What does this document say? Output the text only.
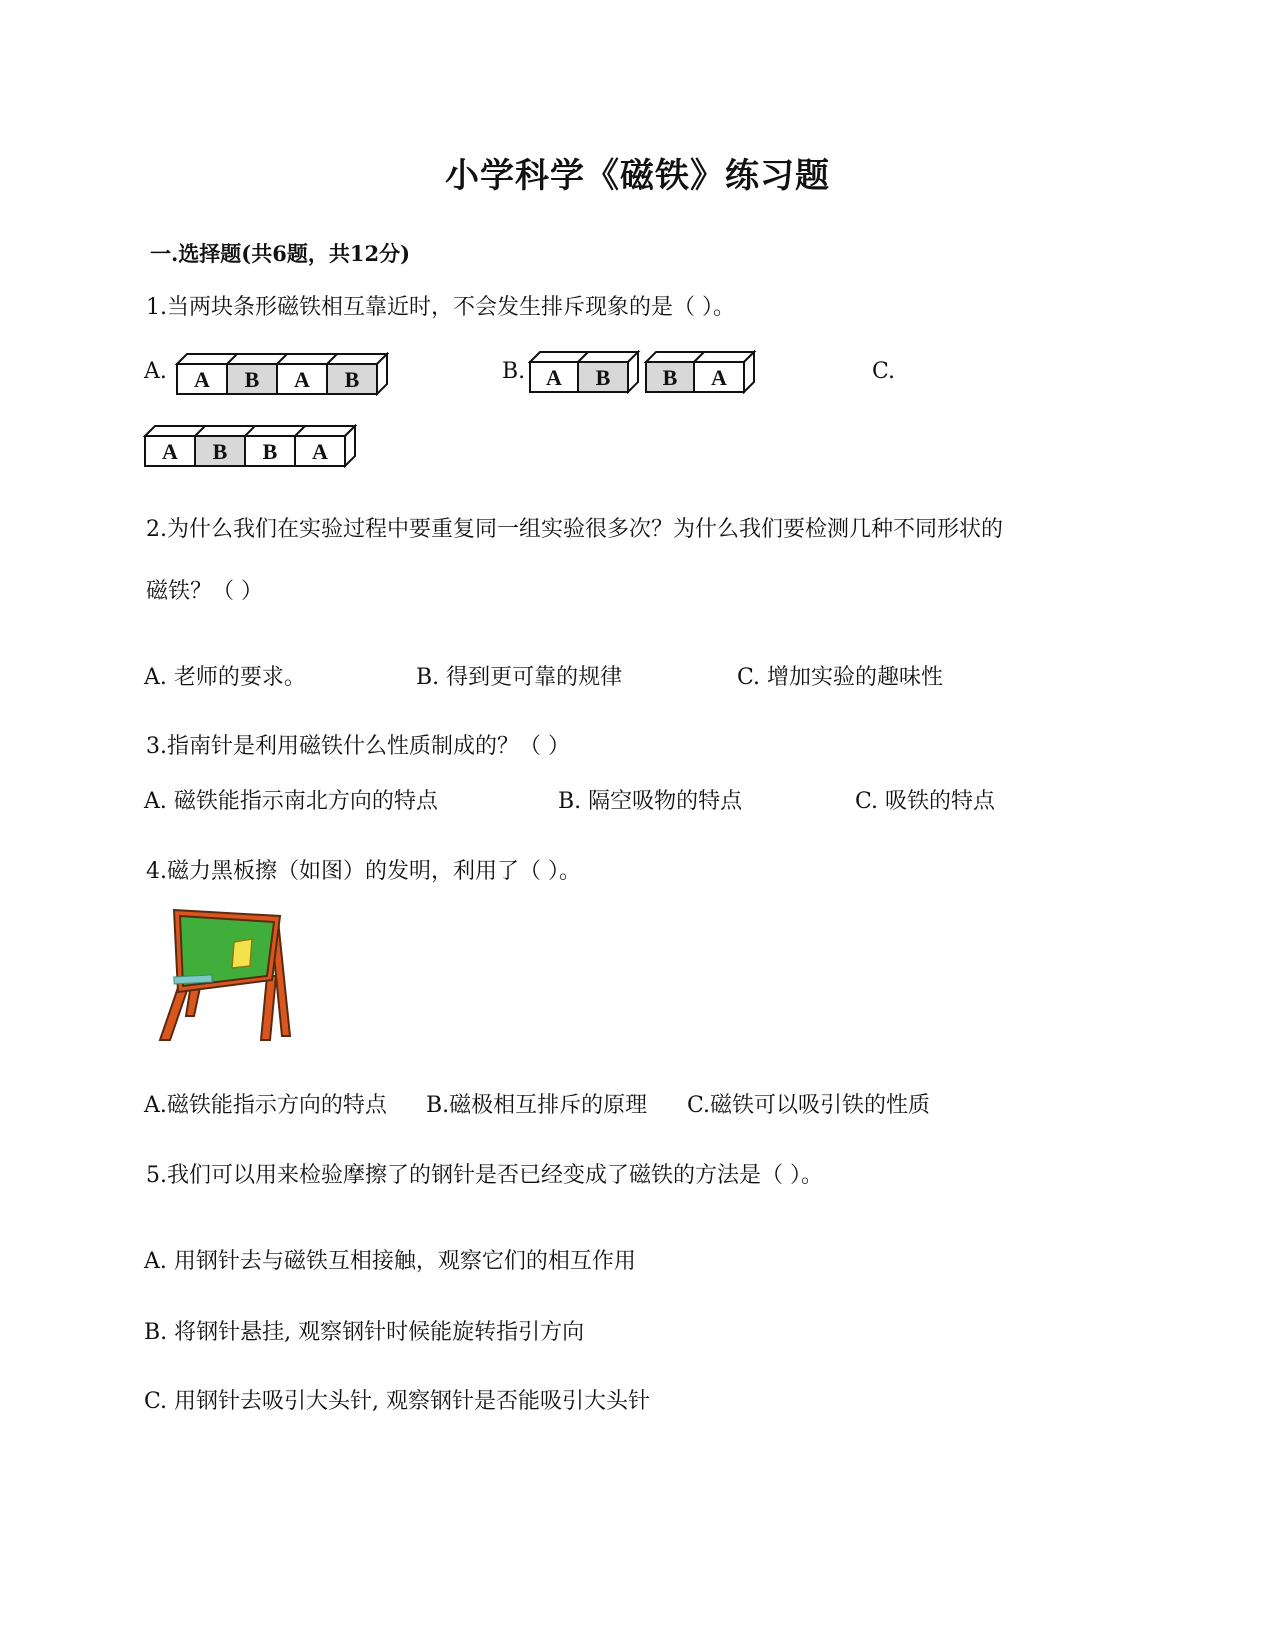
小学科学《磁铁》练习题
一.选择题(共6题，共12分)
1.当两块条形磁铁相互靠近时，不会发生排斥现象的是（ ）。
A. A B A B	B. A B B A	C.
A B B A
2.为什么我们在实验过程中要重复同一组实验很多次？为什么我们要检测几种不同形状的
磁铁？（ ）
A. 老师的要求。	B. 得到更可靠的规律	C. 增加实验的趣味性
3.指南针是利用磁铁什么性质制成的？（ ）
A. 磁铁能指示南北方向的特点	B. 隔空吸物的特点	C. 吸铁的特点
4.磁力黑板擦（如图）的发明，利用了（ ）。
A.磁铁能指示方向的特点 B.磁极相互排斥的原理 C.磁铁可以吸引铁的性质
5.我们可以用来检验摩擦了的钢针是否已经变成了磁铁的方法是（ ）。
A. 用钢针去与磁铁互相接触，观察它们的相互作用
B. 将钢针悬挂, 观察钢针时候能旋转指引方向
C. 用钢针去吸引大头针, 观察钢针是否能吸引大头针
